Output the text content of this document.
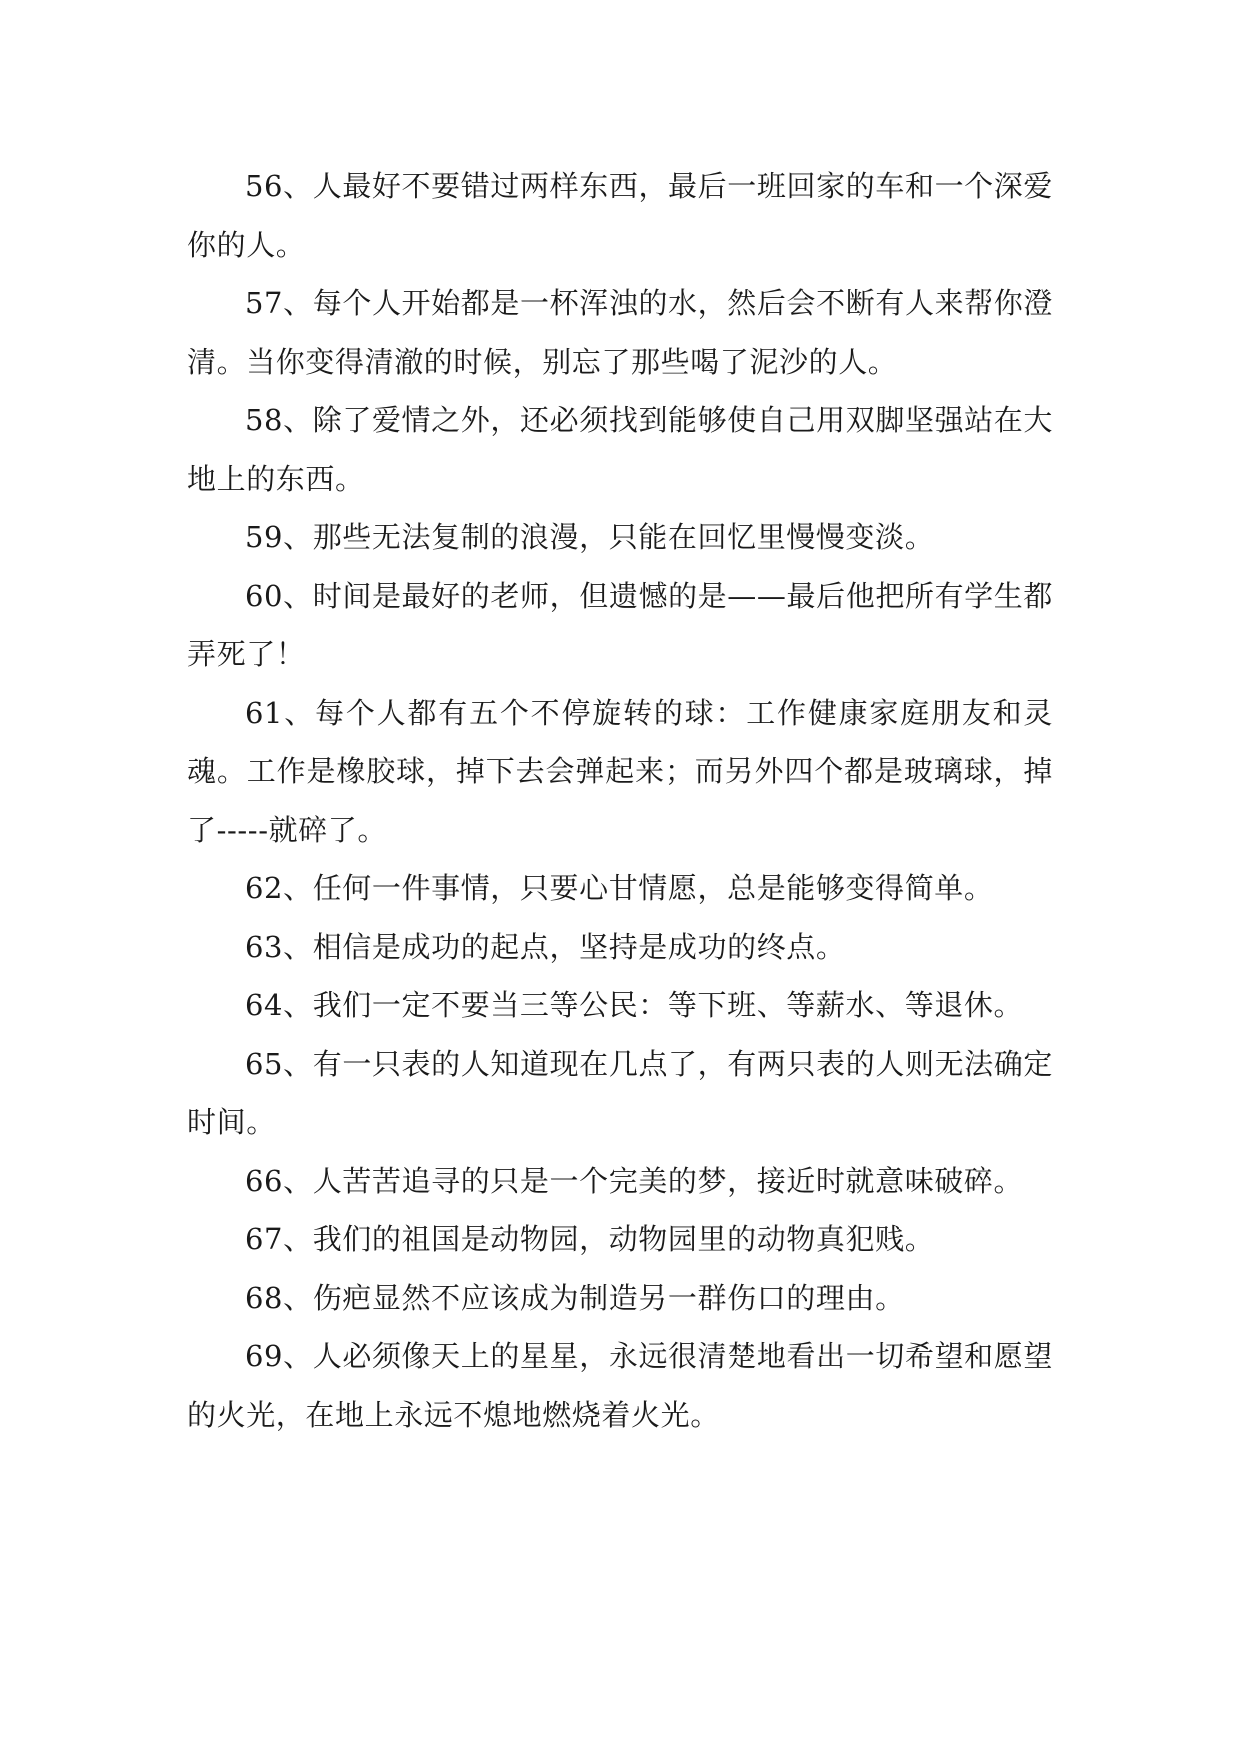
56、人最好不要错过两样东西，最后一班回家的车和一个深爱你的人。

57、每个人开始都是一杯浑浊的水，然后会不断有人来帮你澄清。当你变得清澈的时候，别忘了那些喝了泥沙的人。

58、除了爱情之外，还必须找到能够使自己用双脚坚强站在大地上的东西。

59、那些无法复制的浪漫，只能在回忆里慢慢变淡。

60、时间是最好的老师，但遗憾的是——最后他把所有学生都弄死了！

61、每个人都有五个不停旋转的球：工作健康家庭朋友和灵魂。工作是橡胶球，掉下去会弹起来；而另外四个都是玻璃球，掉了-----就碎了。

62、任何一件事情，只要心甘情愿，总是能够变得简单。

63、相信是成功的起点，坚持是成功的终点。

64、我们一定不要当三等公民：等下班、等薪水、等退休。

65、有一只表的人知道现在几点了，有两只表的人则无法确定时间。

66、人苦苦追寻的只是一个完美的梦，接近时就意味破碎。

67、我们的祖国是动物园，动物园里的动物真犯贱。

68、伤疤显然不应该成为制造另一群伤口的理由。

69、人必须像天上的星星，永远很清楚地看出一切希望和愿望的火光，在地上永远不熄地燃烧着火光。
